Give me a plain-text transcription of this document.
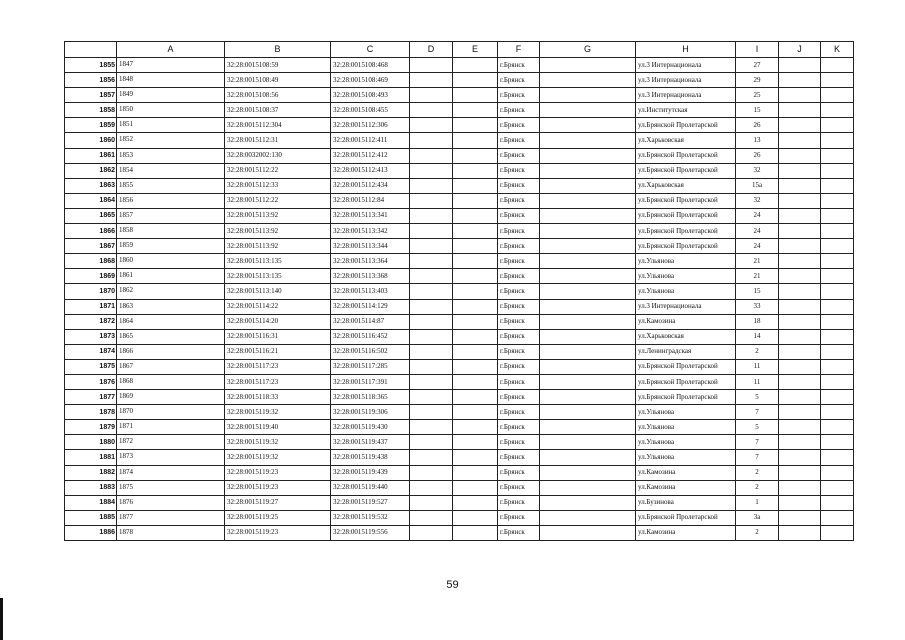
	A	B	C	D	E	F	G	H	I	J	K	
1855	1847	32:28:0015108:59	32:28:0015108:468			г.Брянск		ул.3 Интернационала	27			
1856	1848	32:28:0015108:49	32:28:0015108:469			г.Брянск		ул.3 Интернационала	29			
1857	1849	32:28:0015108:56	32:28:0015108:493			г.Брянск		ул.3 Интернационала	25			
1858	1850	32:28:0015108:37	32:28:0015108:455			г.Брянск		ул.Институтская	15			
1859	1851	32:28:0015112:304	32:28:0015112:306			г.Брянск		ул.Брянской Пролетарской	26			
1860	1852	32:28:0015112:31	32:28:0015112:411			г.Брянск		ул.Харьковская	13			
1861	1853	32:28:0032002:130	32:28:0015112:412			г.Брянск		ул.Брянской Пролетарской	26			
1862	1854	32:28:0015112:22	32:28:0015112:413			г.Брянск		ул.Брянской Пролетарской	32			
1863	1855	32:28:0015112:33	32:28:0015112:434			г.Брянск		ул.Харьковская	15а			
1864	1856	32:28:0015112:22	32:28:0015112:84			г.Брянск		ул.Брянской Пролетарской	32			
1865	1857	32:28:0015113:92	32:28:0015113:341			г.Брянск		ул.Брянской Пролетарской	24			
1866	1858	32:28:0015113:92	32:28:0015113:342			г.Брянск		ул.Брянской Пролетарской	24			
1867	1859	32:28:0015113:92	32:28:0015113:344			г.Брянск		ул.Брянской Пролетарской	24			
1868	1860	32:28:0015113:135	32:28:0015113:364			г.Брянск		ул.Ульянова	21			
1869	1861	32:28:0015113:135	32:28:0015113:368			г.Брянск		ул.Ульянова	21			
1870	1862	32:28:0015113:140	32:28:0015113:403			г.Брянск		ул.Ульянова	15			
1871	1863	32:28:0015114:22	32:28:0015114:129			г.Брянск		ул.3 Интернационала	33			
1872	1864	32:28:0015114:20	32:28:0015114:87			г.Брянск		ул.Камозина	18			
1873	1865	32:28:0015116:31	32:28:0015116:452			г.Брянск		ул.Харьковская	14			
1874	1866	32:28:0015116:21	32:28:0015116:502			г.Брянск		ул.Ленинградская	2			
1875	1867	32:28:0015117:23	32:28:0015117:285			г.Брянск		ул.Брянской Пролетарской	11			
1876	1868	32:28:0015117:23	32:28:0015117:391			г.Брянск		ул.Брянской Пролетарской	11			
1877	1869	32:28:0015118:33	32:28:0015118:365			г.Брянск		ул.Брянской Пролетарской	5			
1878	1870	32:28:0015119:32	32:28:0015119:306			г.Брянск		ул.Ульянова	7			
1879	1871	32:28:0015119:40	32:28:0015119:430			г.Брянск		ул.Ульянова	5			
1880	1872	32:28:0015119:32	32:28:0015119:437			г.Брянск		ул.Ульянова	7			
1881	1873	32:28:0015119:32	32:28:0015119:438			г.Брянск		ул.Ульянова	7			
1882	1874	32:28:0015119:23	32:28:0015119:439			г.Брянск		ул.Камозина	2			
1883	1875	32:28:0015119:23	32:28:0015119:440			г.Брянск		ул.Камозина	2			
1884	1876	32:28:0015119:27	32:28:0015119:527			г.Брянск		ул.Бузинова	1			
1885	1877	32:28:0015119:25	32:28:0015119:532			г.Брянск		ул.Брянской Пролетарской	3а			
1886	1878	32:28:0015119:23	32:28:0015119:556			г.Брянск		ул.Камозина	2			
59
